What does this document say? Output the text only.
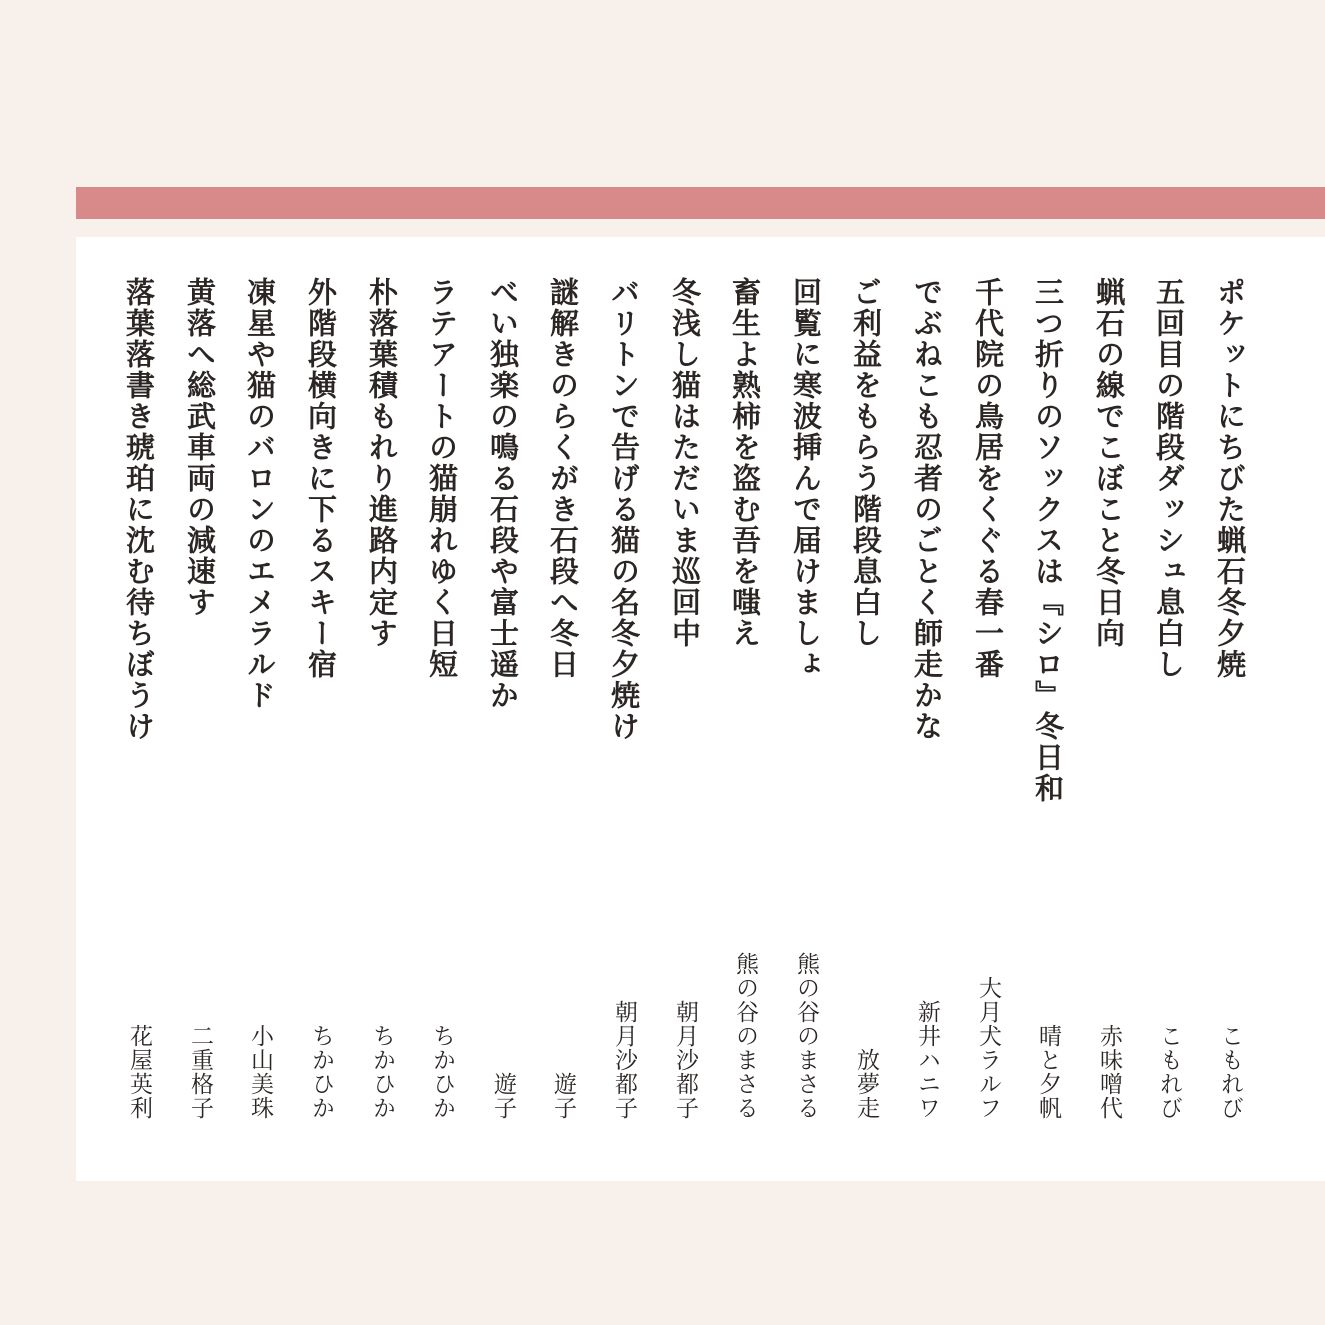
ポケットにちびた蝋石冬夕焼
こもれび
五回目の階段ダッシュ息白し
こもれび
蝋石の線でこぼこと冬日向
赤味噌代
三つ折りのソックスは『シロ』冬日和
晴と夕帆
千代院の鳥居をくぐる春一番
大月犬ラルフ
でぶねこも忍者のごとく師走かな
新井ハニワ
ご利益をもらう階段息白し
放夢走
回覧に寒波挿んで届けましょ
熊の谷のまさる
畜生よ熟柿を盗む吾を嗤え
熊の谷のまさる
冬浅し猫はただいま巡回中
朝月沙都子
バリトンで告げる猫の名冬夕焼け
朝月沙都子
謎解きのらくがき石段へ冬日
遊子
べい独楽の鳴る石段や富士遥か
遊子
ラテアートの猫崩れゆく日短
ちかひか
朴落葉積もれり進路内定す
ちかひか
外階段横向きに下るスキー宿
ちかひか
凍星や猫のバロンのエメラルド
小山美珠
黄落へ総武車両の減速す
二重格子
落葉落書き琥珀に沈む待ちぼうけ
花屋英利
